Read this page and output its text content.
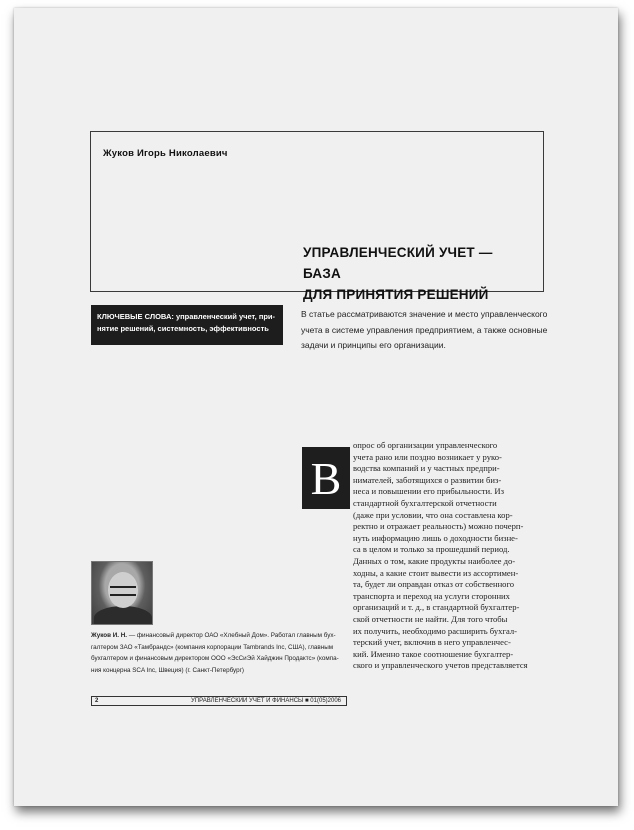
Жуков Игорь Николаевич
УПРАВЛЕНЧЕСКИЙ УЧЕТ — БАЗА
ДЛЯ ПРИНЯТИЯ РЕШЕНИЙ
КЛЮЧЕВЫЕ СЛОВА: управленческий учет, при-
нятие решений, системность, эффективность
В статье рассматриваются значение и место управленческого
учета в системе управления предприятием, а также основные
задачи и принципы его организации.
В
опрос об организации управленческого
учета рано или поздно возникает у руко-
водства компаний и у частных предпри-
нимателей, заботящихся о развитии биз-
неса и повышении его прибыльности. Из
стандартной бухгалтерской отчетности
(даже при условии, что она составлена кор-
ректно и отражает реальность) можно почерп-
нуть информацию лишь о доходности бизне-
са в целом и только за прошедший период.
Данных о том, какие продукты наиболее до-
ходны, а какие стоит вывести из ассортимен-
та, будет ли оправдан отказ от собственного
транспорта и переход на услуги сторонних
организаций и т. д., в стандартной бухгалтер-
ской отчетности не найти. Для того чтобы
их получить, необходимо расширить бухгал-
терский учет, включив в него управленчес-
кий. Именно такое соотношение бухгалтер-
ского и управленческого учетов представляется
Жуков И. Н. — финансовый директор ОАО «Хлебный Дом». Работал главным бух-
галтером ЗАО «Тамбрандс» (компания корпорации Tambrands Inc, США), главным
бухгалтером и финансовым директором ООО «ЭсСиЭй Хайджин Продактс» (компа-
ния концерна SCA Inc, Швеция) (г. Санкт-Петербург)
2	УПРАВЛЕНЧЕСКИЙ УЧЕТ И ФИНАНСЫ ■ 01(05)2006
